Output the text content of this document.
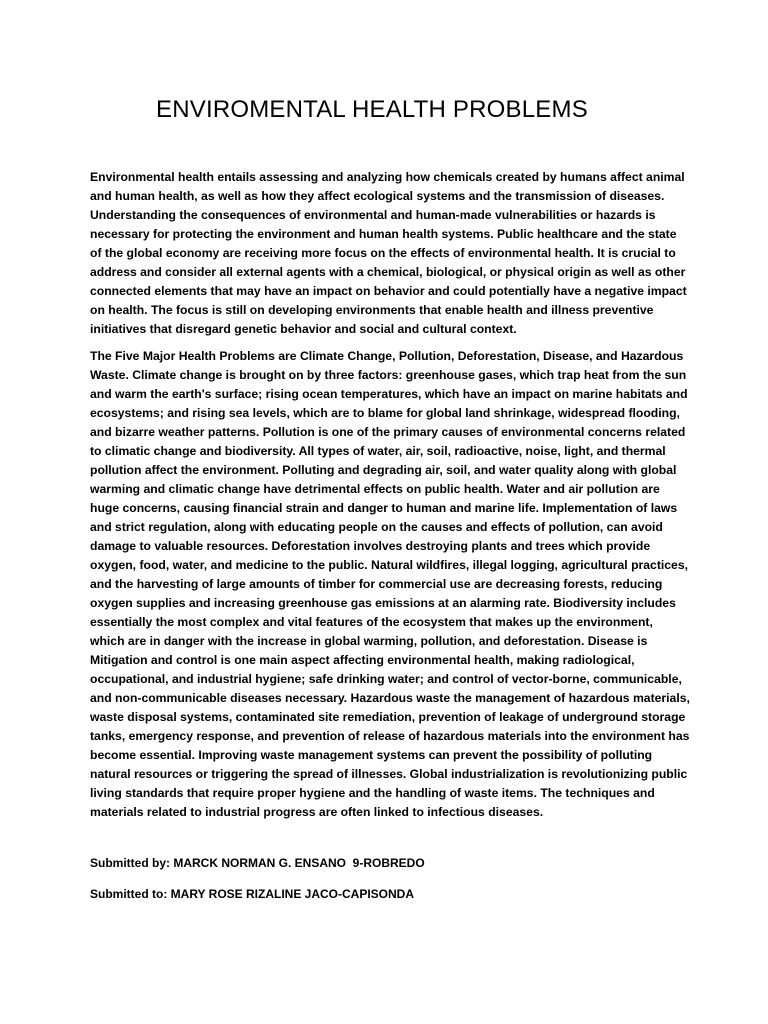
ENVIROMENTAL HEALTH PROBLEMS

Environmental health entails assessing and analyzing how chemicals created by humans affect animal and human health, as well as how they affect ecological systems and the transmission of diseases. Understanding the consequences of environmental and human-made vulnerabilities or hazards is necessary for protecting the environment and human health systems. Public healthcare and the state of the global economy are receiving more focus on the effects of environmental health. It is crucial to address and consider all external agents with a chemical, biological, or physical origin as well as other connected elements that may have an impact on behavior and could potentially have a negative impact on health. The focus is still on developing environments that enable health and illness preventive initiatives that disregard genetic behavior and social and cultural context.

The Five Major Health Problems are Climate Change, Pollution, Deforestation, Disease, and Hazardous Waste. Climate change is brought on by three factors: greenhouse gases, which trap heat from the sun and warm the earth's surface; rising ocean temperatures, which have an impact on marine habitats and ecosystems; and rising sea levels, which are to blame for global land shrinkage, widespread flooding, and bizarre weather patterns. Pollution is one of the primary causes of environmental concerns related to climatic change and biodiversity. All types of water, air, soil, radioactive, noise, light, and thermal pollution affect the environment. Polluting and degrading air, soil, and water quality along with global warming and climatic change have detrimental effects on public health. Water and air pollution are huge concerns, causing financial strain and danger to human and marine life. Implementation of laws and strict regulation, along with educating people on the causes and effects of pollution, can avoid damage to valuable resources. Deforestation involves destroying plants and trees which provide oxygen, food, water, and medicine to the public. Natural wildfires, illegal logging, agricultural practices, and the harvesting of large amounts of timber for commercial use are decreasing forests, reducing oxygen supplies and increasing greenhouse gas emissions at an alarming rate. Biodiversity includes essentially the most complex and vital features of the ecosystem that makes up the environment, which are in danger with the increase in global warming, pollution, and deforestation. Disease is Mitigation and control is one main aspect affecting environmental health, making radiological, occupational, and industrial hygiene; safe drinking water; and control of vector-borne, communicable, and non-communicable diseases necessary. Hazardous waste the management of hazardous materials, waste disposal systems, contaminated site remediation, prevention of leakage of underground storage tanks, emergency response, and prevention of release of hazardous materials into the environment has become essential. Improving waste management systems can prevent the possibility of polluting natural resources or triggering the spread of illnesses. Global industrialization is revolutionizing public living standards that require proper hygiene and the handling of waste items. The techniques and materials related to industrial progress are often linked to infectious diseases.

Submitted by: MARCK NORMAN G. ENSANO  9-ROBREDO

Submitted to: MARY ROSE RIZALINE JACO-CAPISONDA
